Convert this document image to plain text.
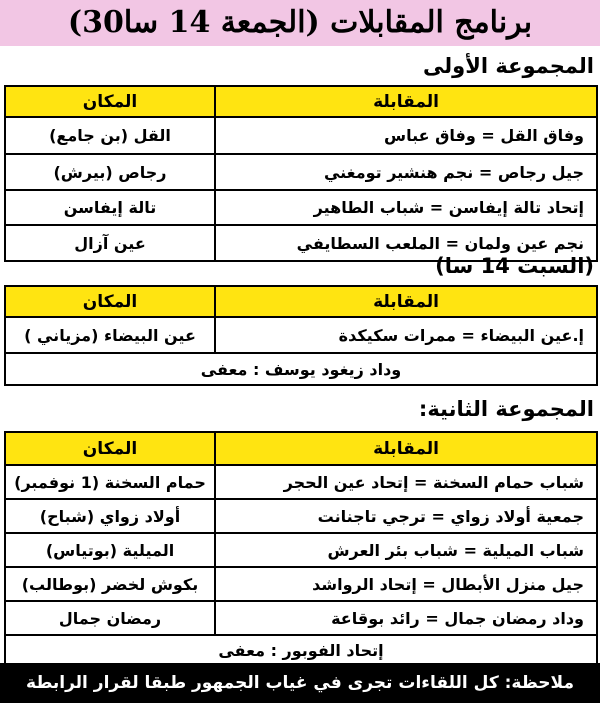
برنامج المقابلات (الجمعة 14 سا30)
المجموعة الأولى
المقابلة	المكان
وفاق القل = وفاق عباس	القل (بن جامع)
جيل رجاص = نجم هنشير تومغني	رجاص (بيرش)
إتحاد تالة إيفاسن = شباب الطاهير	تالة إيفاسن
نجم عين ولمان = الملعب السطايفي	عين آزال
(السبت 14 سا)
المقابلة	المكان
إ.عين البيضاء = ممرات سكيكدة	عين البيضاء (مزياني )
وداد زيغود يوسف : معفى	
المجموعة الثانية:
المقابلة	المكان
شباب حمام السخنة = إتحاد عين الحجر	حمام السخنة (1 نوفمبر)
جمعية أولاد زواي = ترجي تاجنانت	أولاد زواي (شباح)
شباب الميلية = شباب بئر العرش	الميلية (بوتياس)
جيل منزل الأبطال = إتحاد الرواشد	بكوش لخضر (بوطالب)
وداد رمضان جمال = رائد بوقاعة	رمضان جمال
إتحاد الفوبور : معفى	
ملاحظة: كل اللقاءات تجرى في غياب الجمهور طبقا لقرار الرابطة
